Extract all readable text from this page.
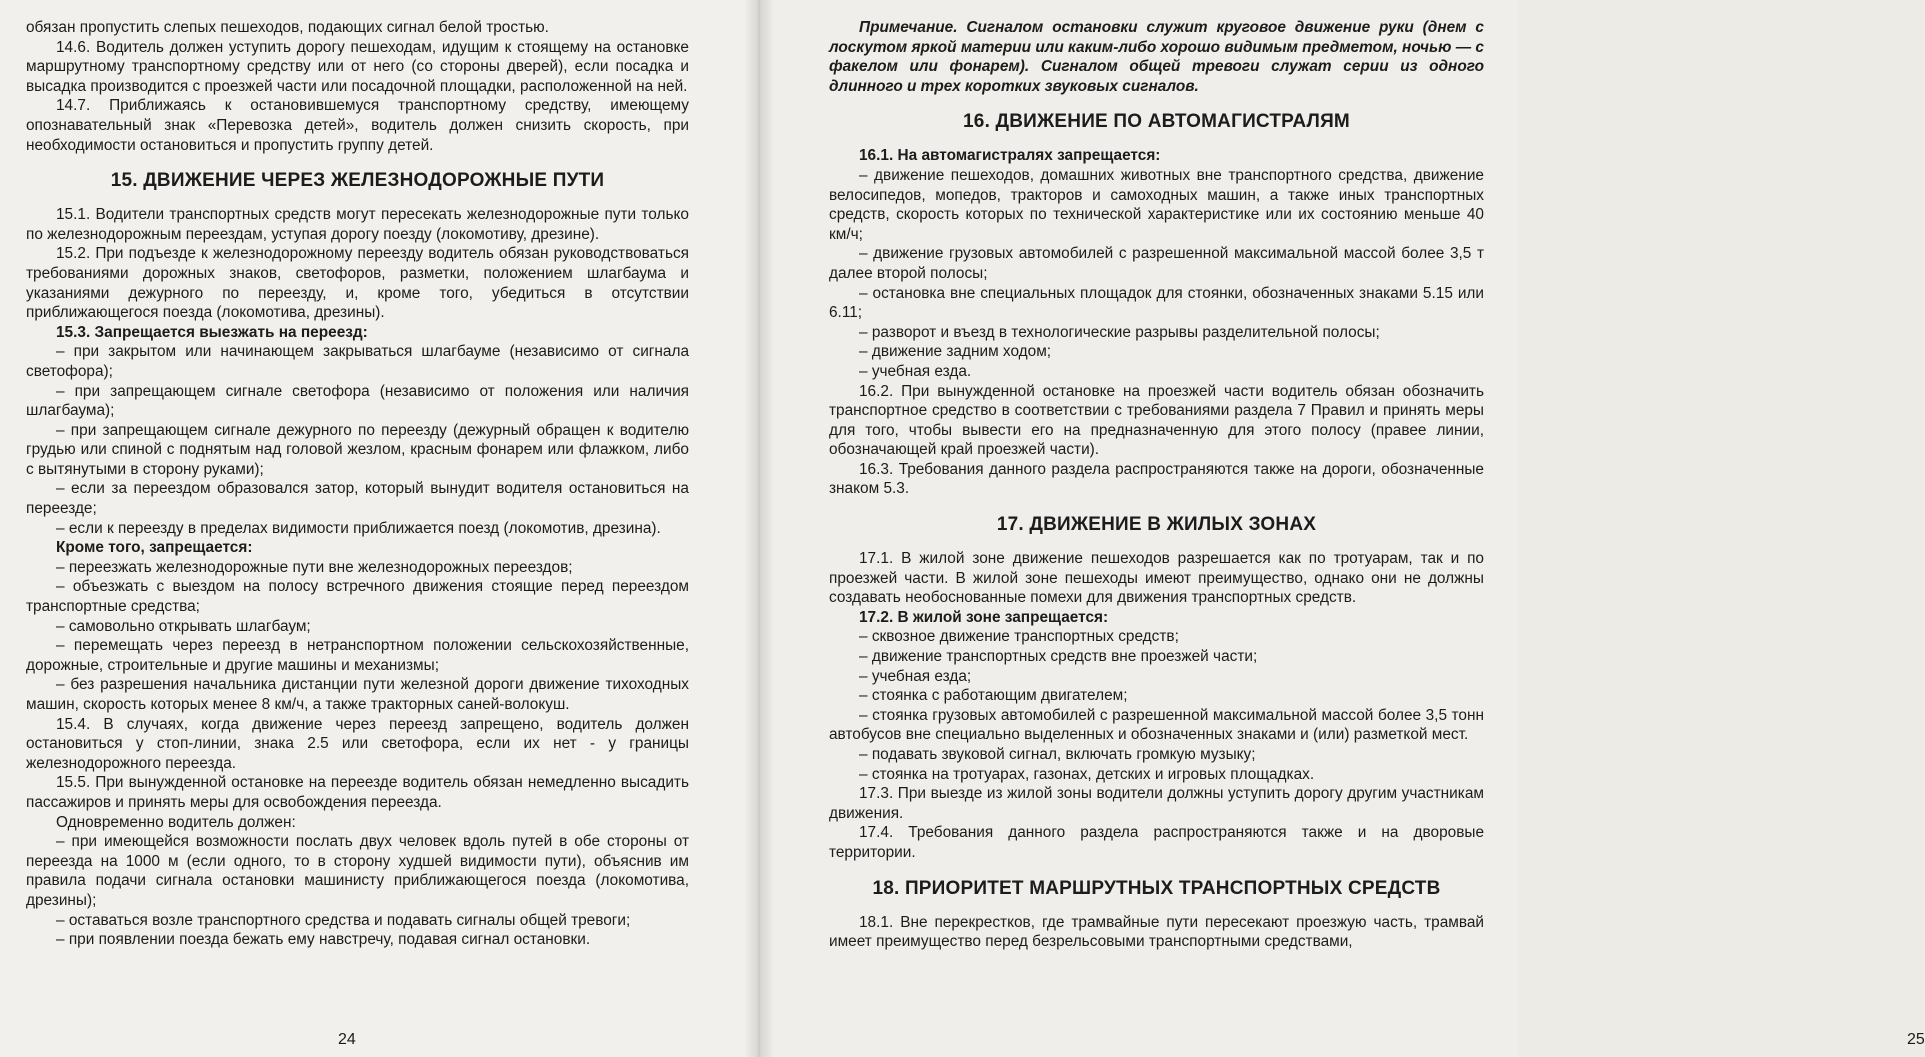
обязан пропустить слепых пешеходов, подающих сигнал белой тростью.

14.6. Водитель должен уступить дорогу пешеходам, идущим к стоящему на остановке маршрутному транспортному средству или от него (со стороны дверей), если посадка и высадка производится с проезжей части или посадочной площадки, расположенной на ней.

14.7. Приближаясь к остановившемуся транспортному средству, имеющему опознавательный знак «Перевозка детей», водитель должен снизить скорость, при необходимости остановиться и пропустить группу детей.

15. ДВИЖЕНИЕ ЧЕРЕЗ ЖЕЛЕЗНОДОРОЖНЫЕ ПУТИ

15.1. Водители транспортных средств могут пересекать железнодорожные пути только по железнодорожным переездам, уступая дорогу поезду (локомотиву, дрезине).

15.2. При подъезде к железнодорожному переезду водитель обязан руководствоваться требованиями дорожных знаков, светофоров, разметки, положением шлагбаума и указаниями дежурного по переезду, и, кроме того, убедиться в отсутствии приближающегося поезда (локомотива, дрезины).

15.3. Запрещается выезжать на переезд:

– при закрытом или начинающем закрываться шлагбауме (независимо от сигнала светофора);

– при запрещающем сигнале светофора (независимо от положения или наличия шлагбаума);

– при запрещающем сигнале дежурного по переезду (дежурный обращен к водителю грудью или спиной с поднятым над головой жезлом, красным фонарем или флажком, либо с вытянутыми в сторону руками);

– если за переездом образовался затор, который вынудит водителя остановиться на переезде;

– если к переезду в пределах видимости приближается поезд (локомотив, дрезина).

Кроме того, запрещается:

– переезжать железнодорожные пути вне железнодорожных переездов;

– объезжать с выездом на полосу встречного движения стоящие перед переездом транспортные средства;

– самовольно открывать шлагбаум;

– перемещать через переезд в нетранспортном положении сельскохозяйственные, дорожные, строительные и другие машины и механизмы;

– без разрешения начальника дистанции пути железной дороги движение тихоходных машин, скорость которых менее 8 км/ч, а также тракторных саней-волокуш.

15.4. В случаях, когда движение через переезд запрещено, водитель должен остановиться у стоп-линии, знака 2.5 или светофора, если их нет - у границы железнодорожного переезда.

15.5. При вынужденной остановке на переезде водитель обязан немедленно высадить пассажиров и принять меры для освобождения переезда.

Одновременно водитель должен:

– при имеющейся возможности послать двух человек вдоль путей в обе стороны от переезда на 1000 м (если одного, то в сторону худшей видимости пути), объяснив им правила подачи сигнала остановки машинисту приближающегося поезда (локомотива, дрезины);

– оставаться возле транспортного средства и подавать сигналы общей тревоги;

– при появлении поезда бежать ему навстречу, подавая сигнал остановки.

24

Примечание. Сигналом остановки служит круговое движение руки (днем с лоскутом яркой материи или каким-либо хорошо видимым предметом, ночью — с факелом или фонарем). Сигналом общей тревоги служат серии из одного длинного и трех коротких звуковых сигналов.

16. ДВИЖЕНИЕ ПО АВТОМАГИСТРАЛЯМ

16.1. На автомагистралях запрещается:

– движение пешеходов, домашних животных вне транспортного средства, движение велосипедов, мопедов, тракторов и самоходных машин, а также иных транспортных средств, скорость которых по технической характеристике или их состоянию меньше 40 км/ч;

– движение грузовых автомобилей с разрешенной максимальной массой более 3,5 т далее второй полосы;

– остановка вне специальных площадок для стоянки, обозначенных знаками 5.15 или 6.11;

– разворот и въезд в технологические разрывы разделительной полосы;

– движение задним ходом;

– учебная езда.

16.2. При вынужденной остановке на проезжей части водитель обязан обозначить транспортное средство в соответствии с требованиями раздела 7 Правил и принять меры для того, чтобы вывести его на предназначенную для этого полосу (правее линии, обозначающей край проезжей части).

16.3. Требования данного раздела распространяются также на дороги, обозначенные знаком 5.3.

17. ДВИЖЕНИЕ В ЖИЛЫХ ЗОНАХ

17.1. В жилой зоне движение пешеходов разрешается как по тротуарам, так и по проезжей части. В жилой зоне пешеходы имеют преимущество, однако они не должны создавать необоснованные помехи для движения транспортных средств.

17.2. В жилой зоне запрещается:

– сквозное движение транспортных средств;

– движение транспортных средств вне проезжей части;

– учебная езда;

– стоянка с работающим двигателем;

– стоянка грузовых автомобилей с разрешенной максимальной массой более 3,5 тонн автобусов вне специально выделенных и обозначенных знаками и (или) разметкой мест.

– подавать звуковой сигнал, включать громкую музыку;

– стоянка на тротуарах, газонах, детских и игровых площадках.

17.3. При выезде из жилой зоны водители должны уступить дорогу другим участникам движения.

17.4. Требования данного раздела распространяются также и на дворовые территории.

18. ПРИОРИТЕТ МАРШРУТНЫХ ТРАНСПОРТНЫХ СРЕДСТВ

18.1. Вне перекрестков, где трамвайные пути пересекают проезжую часть, трамвай имеет преимущество перед безрельсовыми транспортными средствами,

25
